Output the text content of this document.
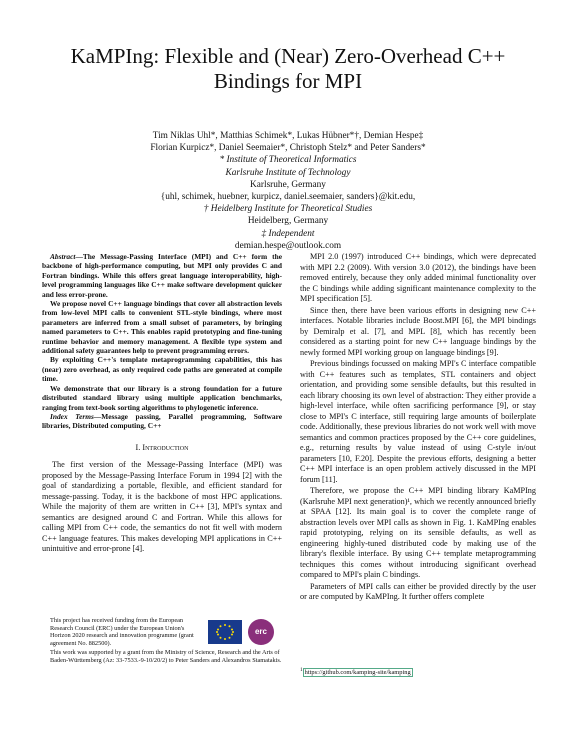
KaMPIng: Flexible and (Near) Zero-Overhead C++ Bindings for MPI
Tim Niklas Uhl*, Matthias Schimek*, Lukas Hübner*†, Demian Hespe‡
Florian Kurpicz*, Daniel Seemaier*, Christoph Stelz* and Peter Sanders*
* Institute of Theoretical Informatics
Karlsruhe Institute of Technology
Karlsruhe, Germany
{uhl, schimek, huebner, kurpicz, daniel.seemaier, sanders}@kit.edu,
† Heidelberg Institute for Theoretical Studies
Heidelberg, Germany
‡ Independent
demian.hespe@outlook.com

Abstract—The Message-Passing Interface (MPI) and C++ form the backbone of high-performance computing, but MPI only provides C and Fortran bindings. While this offers great language interoperability, high-level programming languages like C++ make software development quicker and less error-prone.

We propose novel C++ language bindings that cover all abstraction levels from low-level MPI calls to convenient STL-style bindings, where most parameters are inferred from a small subset of parameters, by bringing named parameters to C++. This enables rapid prototyping and fine-tuning runtime behavior and memory management. A flexible type system and additional safety guarantees help to prevent programming errors.

By exploiting C++'s template metaprogramming capabilities, this has (near) zero overhead, as only required code paths are generated at compile time.

We demonstrate that our library is a strong foundation for a future distributed standard library using multiple application benchmarks, ranging from text-book sorting algorithms to phylogenetic inference.

Index Terms—Message passing, Parallel programming, Software libraries, Distributed computing, C++

I. Introduction

The first version of the Message-Passing Interface (MPI) was proposed by the Message-Passing Interface Forum in 1994 [2] with the goal of standardizing a portable, flexible, and efficient standard for message-passing. Today, it is the backbone of most HPC applications. While the majority of them are written in C++ [3], MPI's syntax and semantics are designed around C and Fortran. While this allows for calling MPI from C++ code, the semantics do not fit well with modern C++ language features. This makes developing MPI applications in C++ unintuitive and error-prone [4].

This project has received funding from the European Research Council (ERC) under the European Union's Horizon 2020 research and innovation programme (grant agreement No. 882500).
erc
This work was supported by a grant from the Ministry of Science, Research and the Arts of Baden-Württemberg (Az: 33-7533.-9-10/20/2) to Peter Sanders and Alexandros Stamatakis.

MPI 2.0 (1997) introduced C++ bindings, which were deprecated with MPI 2.2 (2009). With version 3.0 (2012), the bindings have been removed entirely, because they only added minimal functionality over the C bindings while adding significant maintenance complexity to the MPI specification [5].

Since then, there have been various efforts in designing new C++ interfaces. Notable libraries include Boost.MPI [6], the MPI bindings by Demiralp et al. [7], and MPL [8], which has recently been considered as a starting point for new C++ language bindings by the newly formed MPI working group on language bindings [9].

Previous bindings focussed on making MPI's C interface compatible with C++ features such as templates, STL containers and object orientation, and providing some sensible defaults, but this resulted in each library choosing its own level of abstraction: They either provide a high-level interface, while often sacrificing performance [9], or stay close to MPI's C interface, still requiring large amounts of boilerplate code. Additionally, these previous libraries do not work well with move semantics and common practices proposed by the C++ core guidelines, e.g., returning results by value instead of using C-style in/out parameters [10, F.20]. Despite the previous efforts, designing a better C++ MPI interface is an open problem actively discussed in the MPI forum [11].

Therefore, we propose the C++ MPI binding library KaMPIng (Karlsruhe MPI next generation)¹, which we recently announced briefly at SPAA [12]. Its main goal is to cover the complete range of abstraction levels over MPI calls as shown in Fig. 1. KaMPIng enables rapid prototyping, relying on its sensible defaults, as well as engineering highly-tuned distributed code by making use of the library's flexible interface. By using C++ template metaprogramming techniques this comes without introducing significant overhead compared to MPI's plain C bindings.

Parameters of MPI calls can either be provided directly by the user or are computed by KaMPIng. It further offers complete

$^1$ https://github.com/kamping-site/kamping
